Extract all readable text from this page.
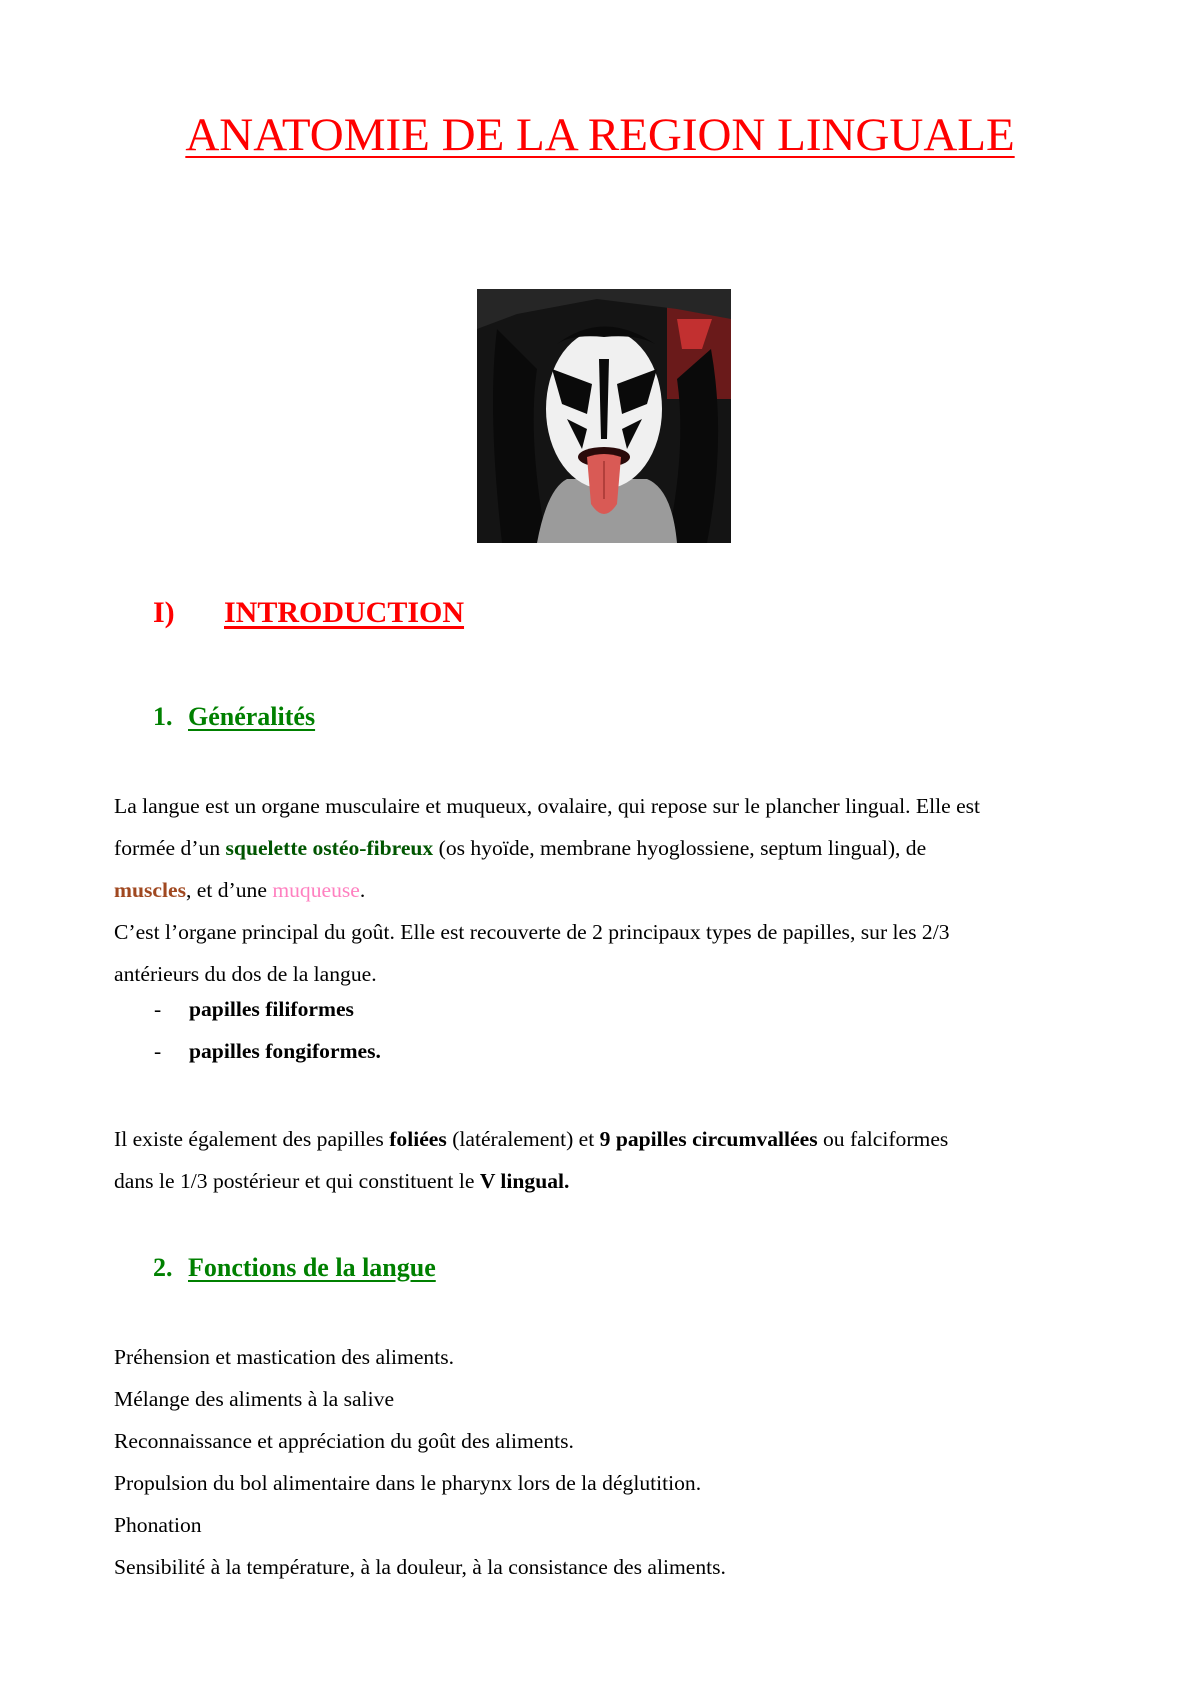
ANATOMIE DE LA REGION LINGUALE
I) INTRODUCTION
1. Généralités

La langue est un organe musculaire et muqueux, ovalaire, qui repose sur le plancher lingual. Elle est

formée d’un squelette ostéo-fibreux (os hyoïde, membrane hyoglossiene, septum lingual), de

muscles, et d’une muqueuse.

C’est l’organe principal du goût. Elle est recouverte de 2 principaux types de papilles, sur les 2/3

antérieurs du dos de la langue.

- papilles filiformes
- papilles fongiformes.

Il existe également des papilles foliées (latéralement) et 9 papilles circumvallées ou falciformes

dans le 1/3 postérieur et qui constituent le V lingual.

2. Fonctions de la langue

Préhension et mastication des aliments.

Mélange des aliments à la salive

Reconnaissance et appréciation du goût des aliments.

Propulsion du bol alimentaire dans le pharynx lors de la déglutition.

Phonation

Sensibilité à la température, à la douleur, à la consistance des aliments.
